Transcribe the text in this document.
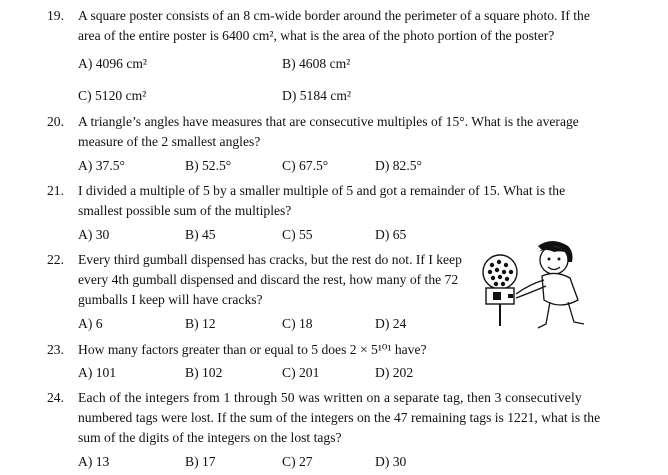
19. A square poster consists of an 8 cm-wide border around the perimeter of a square photo. If the
area of the entire poster is 6400 cm², what is the area of the photo portion of the poster?
A) 4096 cm²	B) 4608 cm²
C) 5120 cm²	D) 5184 cm²
20. A triangle’s angles have measures that are consecutive multiples of 15°. What is the average
measure of the 2 smallest angles?
A) 37.5°	B) 52.5°	C) 67.5°	D) 82.5°
21. I divided a multiple of 5 by a smaller multiple of 5 and got a remainder of 15. What is the
smallest possible sum of the multiples?
A) 30	B) 45	C) 55	D) 65
22. Every third gumball dispensed has cracks, but the rest do not. If I keep
every 4th gumball dispensed and discard the rest, how many of the 72
gumballs I keep will have cracks?
A) 6	B) 12	C) 18	D) 24
23. How many factors greater than or equal to 5 does 2 × 5¹⁰¹ have?
A) 101	B) 102	C) 201	D) 202
24. Each of the integers from 1 through 50 was written on a separate tag, then 3 consecutively
numbered tags were lost. If the sum of the integers on the 47 remaining tags is 1221, what is the
sum of the digits of the integers on the lost tags?
A) 13	B) 17	C) 27	D) 30
